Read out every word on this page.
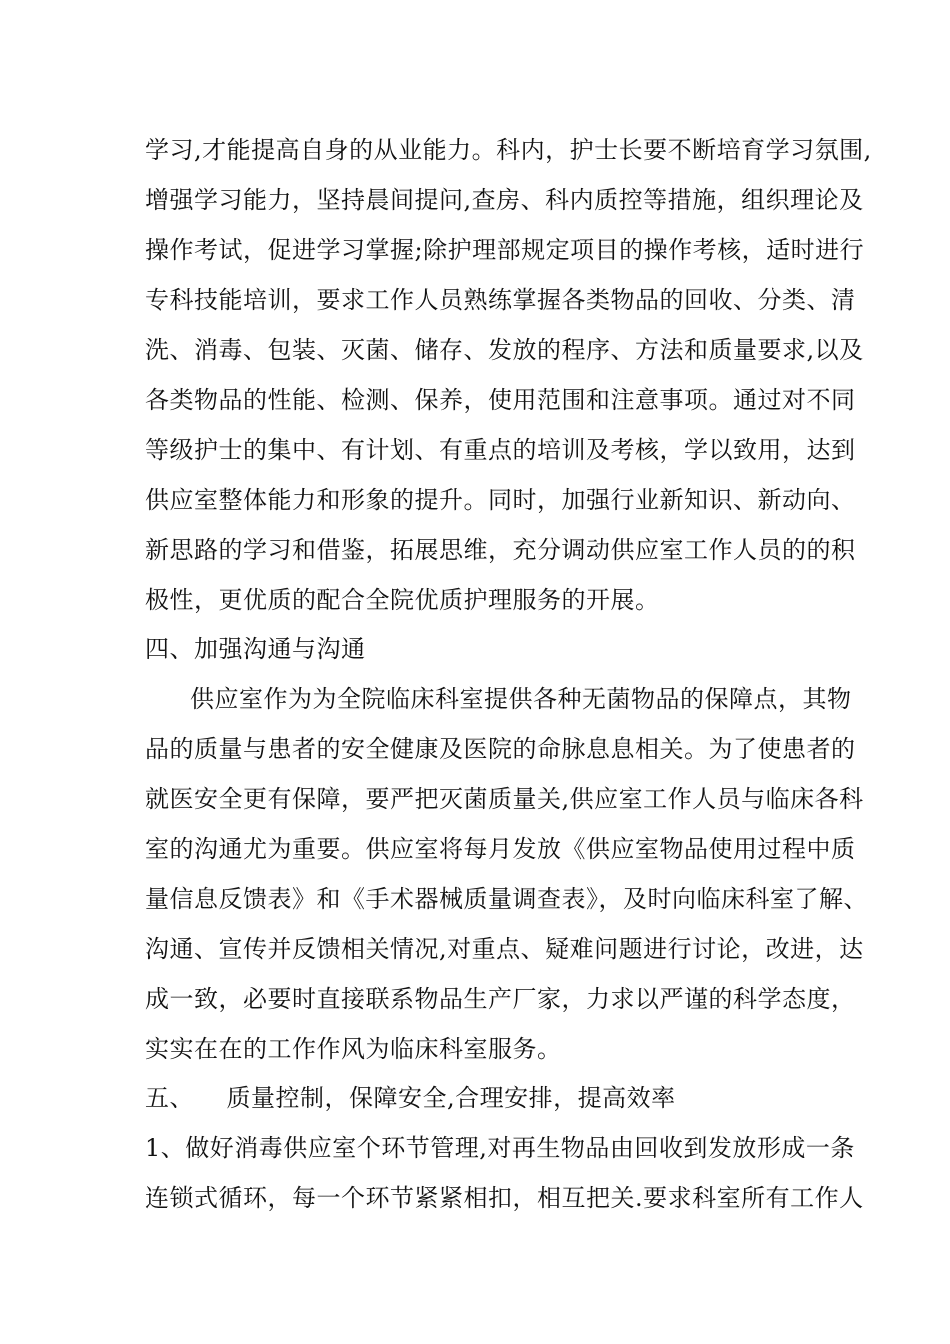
学习,才能提高自身的从业能力。科内，护士长要不断培育学习氛围,
增强学习能力，坚持晨间提问,查房、科内质控等措施，组织理论及
操作考试，促进学习掌握;除护理部规定项目的操作考核，适时进行
专科技能培训，要求工作人员熟练掌握各类物品的回收、分类、清
洗、消毒、包装、灭菌、储存、发放的程序、方法和质量要求,以及
各类物品的性能、检测、保养，使用范围和注意事项。通过对不同
等级护士的集中、有计划、有重点的培训及考核，学以致用，达到
供应室整体能力和形象的提升。同时，加强行业新知识、新动向、
新思路的学习和借鉴，拓展思维，充分调动供应室工作人员的的积
极性，更优质的配合全院优质护理服务的开展。
四、加强沟通与沟通
供应室作为为全院临床科室提供各种无菌物品的保障点，其物
品的质量与患者的安全健康及医院的命脉息息相关。为了使患者的
就医安全更有保障，要严把灭菌质量关,供应室工作人员与临床各科
室的沟通尤为重要。供应室将每月发放《供应室物品使用过程中质
量信息反馈表》和《手术器械质量调查表》，及时向临床科室了解、
沟通、宣传并反馈相关情况,对重点、疑难问题进行讨论，改进，达
成一致，必要时直接联系物品生产厂家，力求以严谨的科学态度，
实实在在的工作作风为临床科室服务。
五、    质量控制，保障安全,合理安排，提高效率
1、做好消毒供应室个环节管理,对再生物品由回收到发放形成一条
连锁式循环，每一个环节紧紧相扣，相互把关.要求科室所有工作人
